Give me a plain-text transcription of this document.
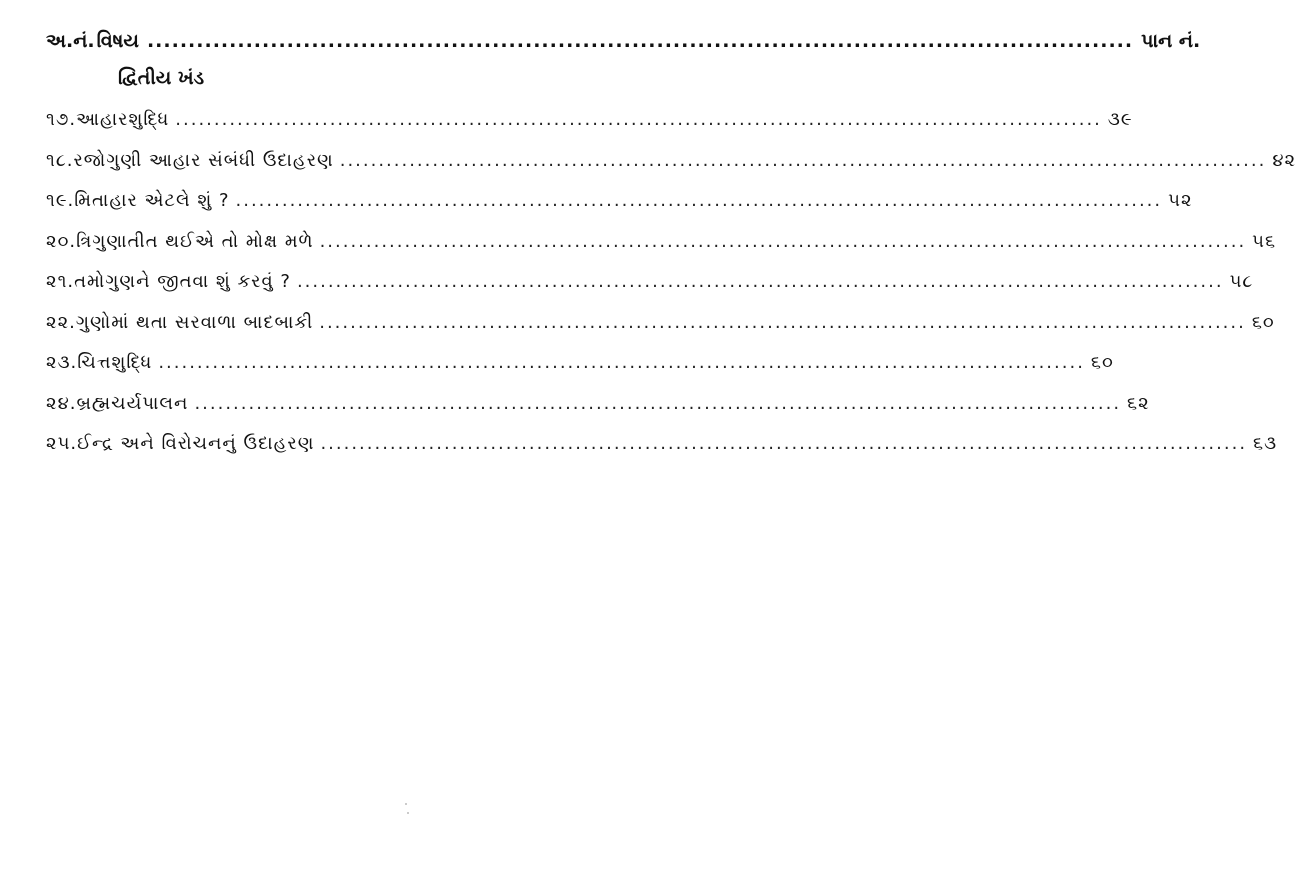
અ.નં. વિષય ........................................................................................................................ પાન નં.
દ્વિતીય ખંડ
૧૭. આહારશુદ્ધિ ........................................................................................................................ ૩૯
૧૮. રજોગુણી આહાર સંબંધી ઉદાહરણ ........................................................................................................................ ૪૨
૧૯. મિતાહાર એટલે શું ? ........................................................................................................................ ૫૨
૨૦. ત્રિગુણાતીત થઈએ તો મોક્ષ મળે ........................................................................................................................ ૫૬
૨૧. તમોગુણને જીતવા શું કરવું ? ........................................................................................................................ ૫૮
૨૨. ગુણોમાં થતા સરવાળા બાદબાકી ........................................................................................................................ ૬૦
૨૩. ચિત્તશુદ્ધિ ........................................................................................................................ ૬૦
૨૪. બ્રહ્મચર્યપાલન ........................................................................................................................ ૬૨
૨૫. ઈન્દ્ર અને વિરોચનનું ઉદાહરણ ........................................................................................................................ ૬૩
